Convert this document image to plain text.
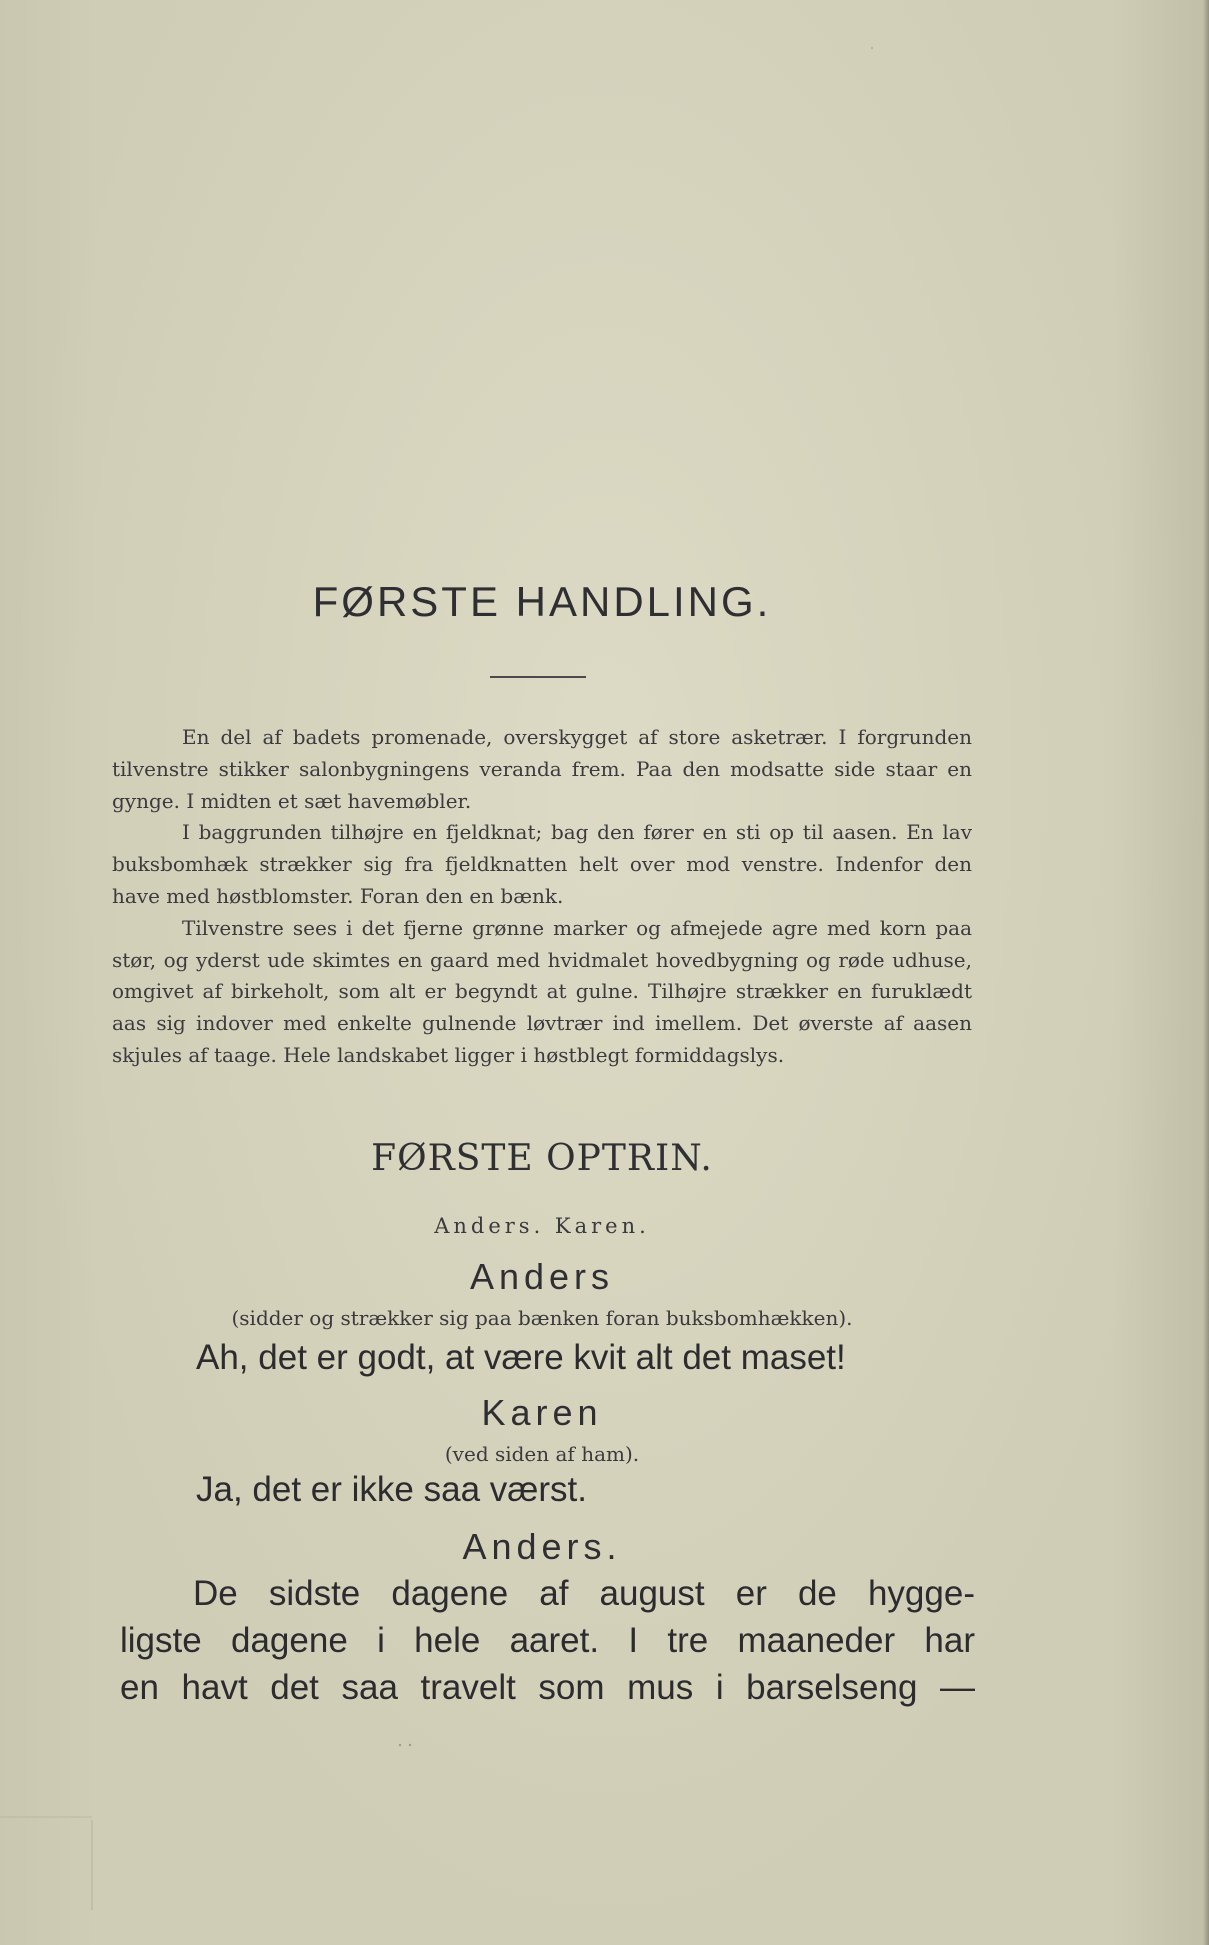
FØRSTE HANDLING.

En del af badets promenade, overskygget af store asketrær. I forgrunden tilvenstre stikker salonbygningens veranda frem. Paa den modsatte side staar en gynge. I midten et sæt havemøbler.

I baggrunden tilhøjre en fjeldknat; bag den fører en sti op til aasen. En lav buksbomhæk strækker sig fra fjeldknatten helt over mod venstre. Indenfor den have med høstblomster. Foran den en bænk.

Tilvenstre sees i det fjerne grønne marker og afmejede agre med korn paa stør, og yderst ude skimtes en gaard med hvidmalet hovedbygning og røde udhuse, omgivet af birkeholt, som alt er begyndt at gulne. Tilhøjre strækker en furuklædt aas sig indover med enkelte gulnende løvtrær ind imellem. Det øverste af aasen skjules af taage. Hele landskabet ligger i høstblegt formiddagslys.

FØRSTE OPTRIN.
Anders. Karen.
Anders
(sidder og strækker sig paa bænken foran buksbomhækken).
Ah, det er godt, at være kvit alt det maset!
Karen
(ved siden af ham).
Ja, det er ikke saa værst.
Anders.
De sidste dagene af august er de hygge-
ligste dagene i hele aaret. I tre maaneder har
en havt det saa travelt som mus i barselseng —
